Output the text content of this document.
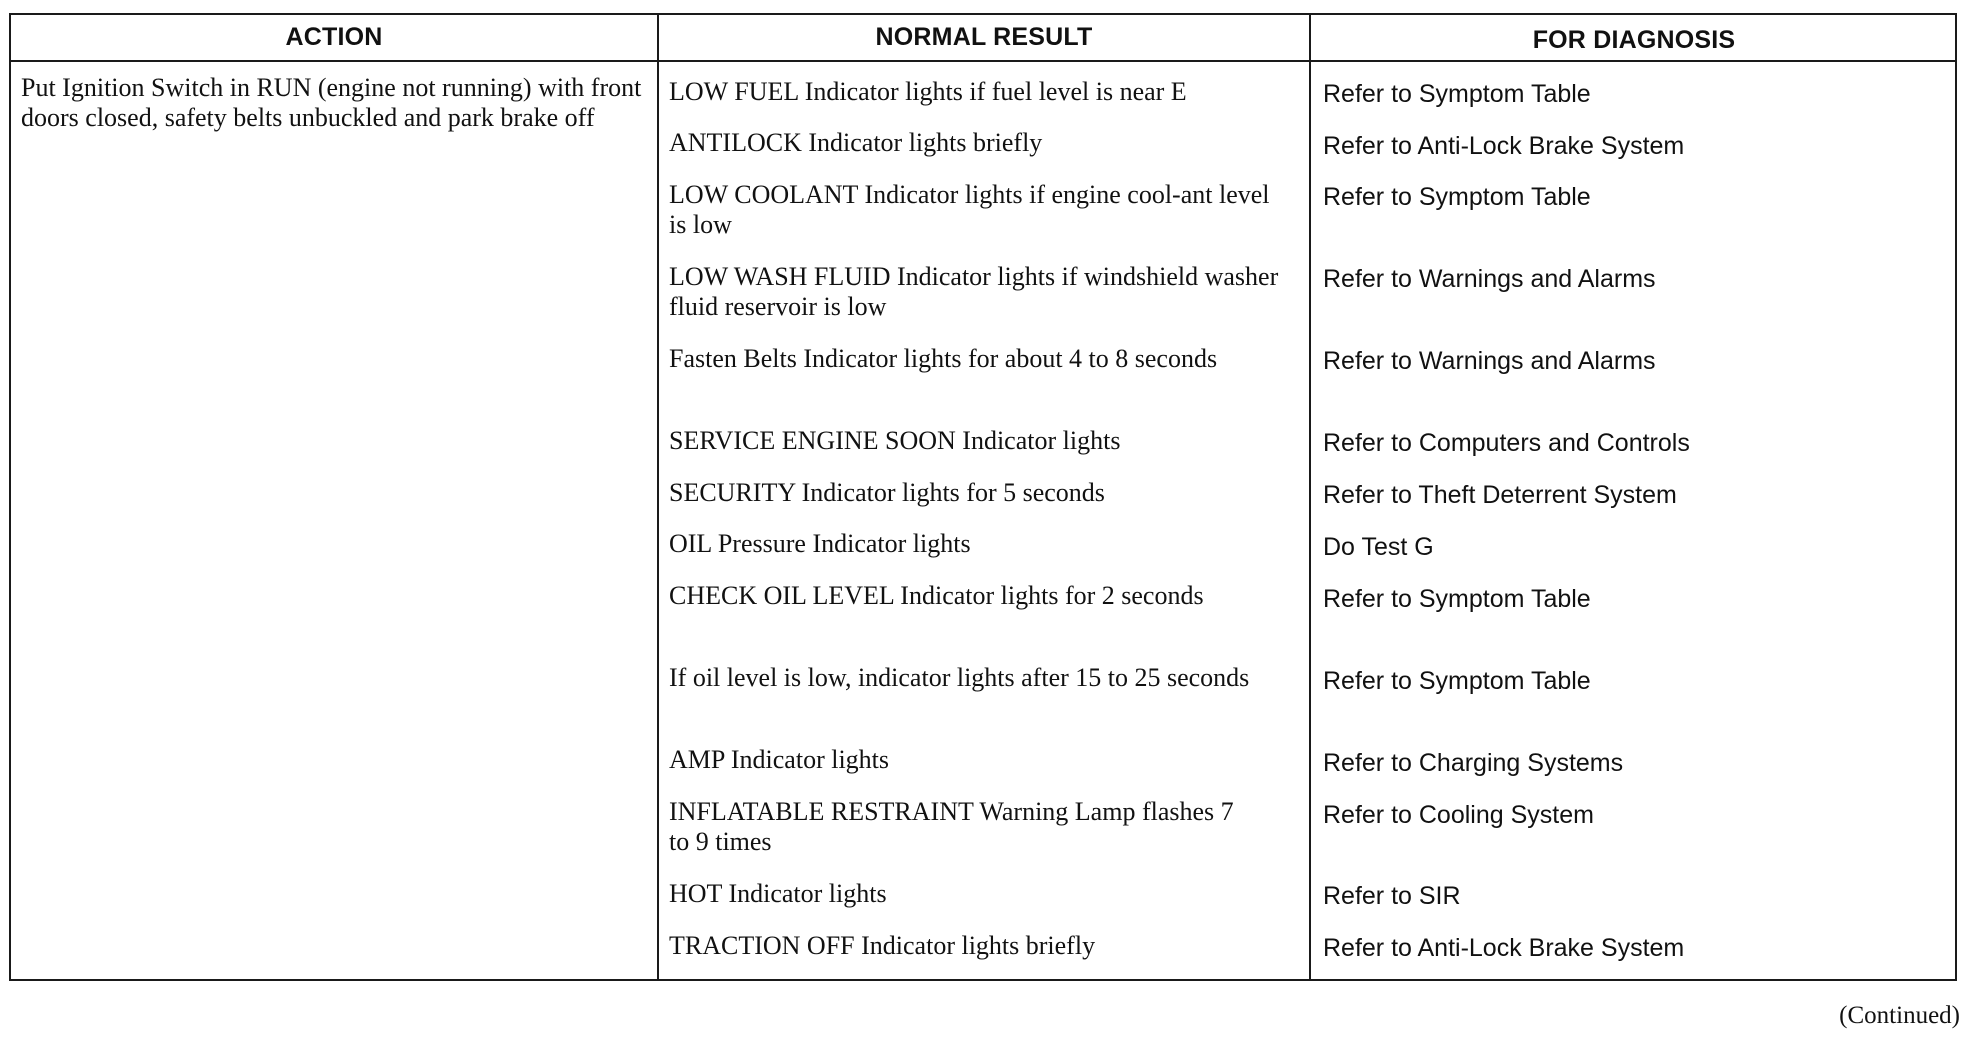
ACTION	NORMAL RESULT	FOR DIAGNOSIS
Put Ignition Switch in RUN (engine not running) with front doors closed, safety belts unbuckled and park brake off
LOW FUEL Indicator lights if fuel level is near E
ANTILOCK Indicator lights briefly
LOW COOLANT Indicator lights if engine cool-ant level is low
LOW WASH FLUID Indicator lights if windshield washer fluid reservoir is low
Fasten Belts Indicator lights for about 4 to 8 seconds
SERVICE ENGINE SOON Indicator lights
SECURITY Indicator lights for 5 seconds
OIL Pressure Indicator lights
CHECK OIL LEVEL Indicator lights for 2 seconds
If oil level is low, indicator lights after 15 to 25 seconds
AMP Indicator lights
INFLATABLE RESTRAINT Warning Lamp flashes 7 to 9 times
HOT Indicator lights
TRACTION OFF Indicator lights briefly
Refer to Symptom Table
Refer to Anti-Lock Brake System
Refer to Symptom Table
Refer to Warnings and Alarms
Refer to Warnings and Alarms
Refer to Computers and Controls
Refer to Theft Deterrent System
Do Test G
Refer to Symptom Table
Refer to Symptom Table
Refer to Charging Systems
Refer to Cooling System
Refer to SIR
Refer to Anti-Lock Brake System
(Continued)
